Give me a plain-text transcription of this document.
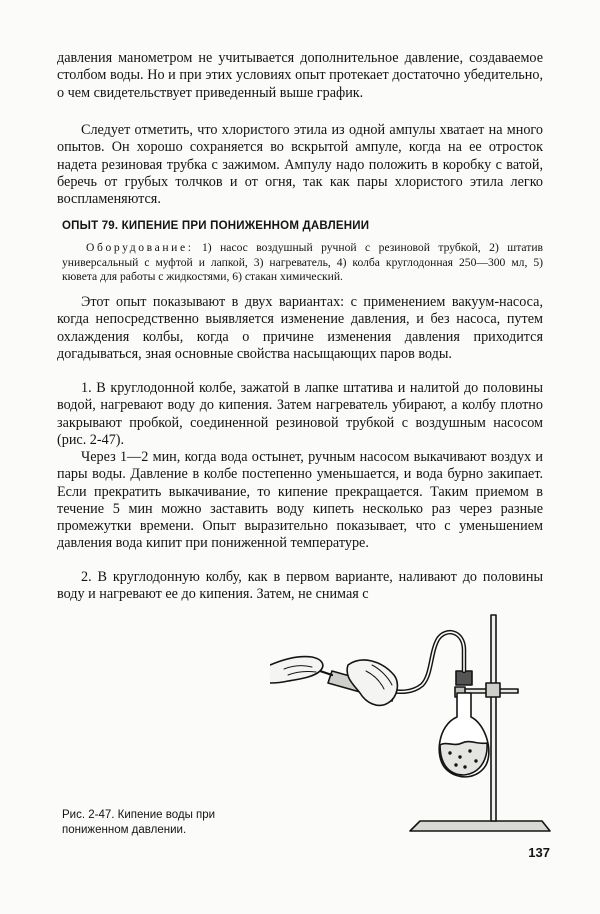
давления манометром не учитывается дополнительное давление, создаваемое столбом воды. Но и при этих условиях опыт протекает достаточно убедительно, о чем свидетельствует приведенный выше график.

Следует отметить, что хлористого этила из одной ампулы хватает на много опытов. Он хорошо сохраняется во вскрытой ампуле, когда на ее отросток надета резиновая трубка с зажимом. Ампулу надо положить в коробку с ватой, беречь от грубых толчков и от огня, так как пары хлористого этила легко воспламеняются.

ОПЫТ 79. КИПЕНИЕ ПРИ ПОНИЖЕННОМ ДАВЛЕНИИ

Оборудование: 1) насос воздушный ручной с резиновой трубкой, 2) штатив универсальный с муфтой и лапкой, 3) нагреватель, 4) колба круглодонная 250—300 мл, 5) кювета для работы с жидкостями, 6) стакан химический.

Этот опыт показывают в двух вариантах: с применением вакуум-насоса, когда непосредственно выявляется изменение давления, и без насоса, путем охлаждения колбы, когда о причине изменения давления приходится догадываться, зная основные свойства насыщающих паров воды.

1. В круглодонной колбе, зажатой в лапке штатива и налитой до половины водой, нагревают воду до кипения. Затем нагреватель убирают, а колбу плотно закрывают пробкой, соединенной резиновой трубкой с воздушным насосом (рис. 2-47).

Через 1—2 мин, когда вода остынет, ручным насосом выкачивают воздух и пары воды. Давление в колбе постепенно уменьшается, и вода бурно закипает. Если прекратить выкачивание, то кипение прекращается. Таким приемом в течение 5 мин можно заставить воду кипеть несколько раз через разные промежутки времени. Опыт выразительно показывает, что с уменьшением давления вода кипит при пониженной температуре.

2. В круглодонную колбу, как в первом варианте, наливают до половины воду и нагревают ее до кипения. Затем, не снимая с

Рис. 2-47. Кипение воды при пониженном давлении.

137
